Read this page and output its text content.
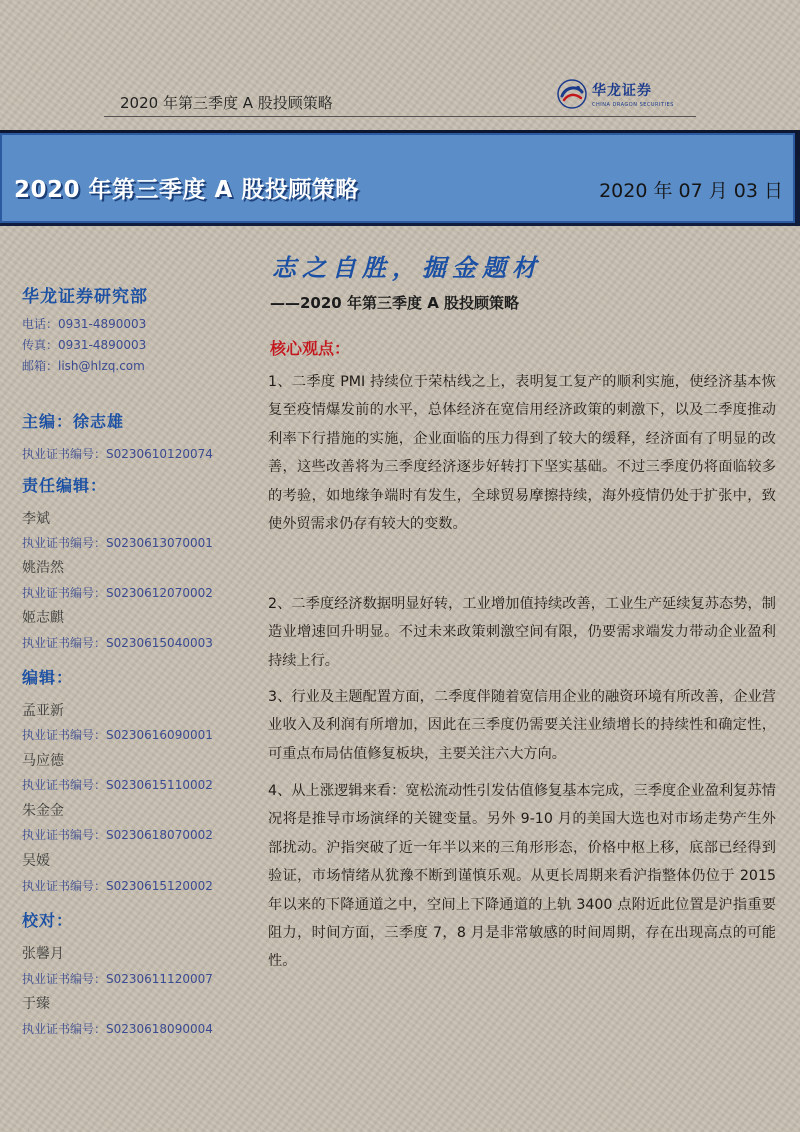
2020 年第三季度 A 股投顾策略
华龙证券
CHINA DRAGON SECURITIES
2020 年第三季度 A 股投顾策略	2020 年 07 月 03 日
华龙证券研究部
电话：0931-4890003
传真：0931-4890003
邮箱：lish@hlzq.com
主编：徐志雄
执业证书编号：S0230610120074
责任编辑：
李斌
执业证书编号：S0230613070001
姚浩然
执业证书编号：S0230612070002
姬志麒
执业证书编号：S0230615040003
编辑：
孟亚新
执业证书编号：S0230616090001
马应德
执业证书编号：S0230615110002
朱金金
执业证书编号：S0230618070002
吴媛
执业证书编号：S0230615120002
校对：
张馨月
执业证书编号：S0230611120007
于臻
执业证书编号：S0230618090004
志之自胜，掘金题材
——2020 年第三季度 A 股投顾策略
核心观点：
1、二季度 PMI 持续位于荣枯线之上，表明复工复产的顺利实施，使经济基本恢复至疫情爆发前的水平，总体经济在宽信用经济政策的刺激下，以及二季度推动利率下行措施的实施，企业面临的压力得到了较大的缓释，经济面有了明显的改善，这些改善将为三季度经济逐步好转打下坚实基础。不过三季度仍将面临较多的考验，如地缘争端时有发生，全球贸易摩擦持续，海外疫情仍处于扩张中，致使外贸需求仍存有较大的变数。
2、二季度经济数据明显好转，工业增加值持续改善，工业生产延续复苏态势，制造业增速回升明显。不过未来政策刺激空间有限，仍要需求端发力带动企业盈利持续上行。
3、行业及主题配置方面，二季度伴随着宽信用企业的融资环境有所改善，企业营业收入及利润有所增加，因此在三季度仍需要关注业绩增长的持续性和确定性，可重点布局估值修复板块，主要关注六大方向。
4、从上涨逻辑来看：宽松流动性引发估值修复基本完成，三季度企业盈利复苏情况将是推导市场演绎的关键变量。另外 9-10 月的美国大选也对市场走势产生外部扰动。沪指突破了近一年半以来的三角形形态，价格中枢上移，底部已经得到验证，市场情绪从犹豫不断到谨慎乐观。从更长周期来看沪指整体仍位于 2015 年以来的下降通道之中，空间上下降通道的上轨 3400 点附近此位置是沪指重要阻力，时间方面，三季度 7，8 月是非常敏感的时间周期，存在出现高点的可能性。
